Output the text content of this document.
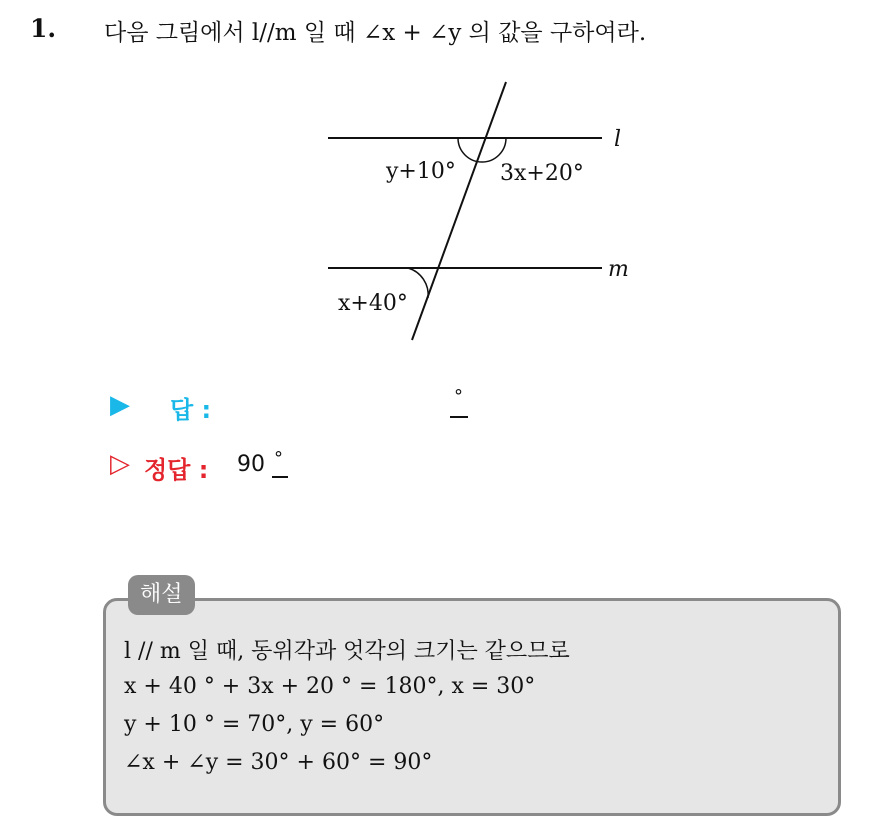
1. 다음 그림에서 l//m 일 때 ∠x + ∠y 의 값을 구하여라.
l
m
y+10° 3x+20°
x+40°
▶ 답 :	°
▷ 정답 : 90 °
해설
l // m 일 때, 동위각과 엇각의 크기는 같으므로
x + 40 ° + 3x + 20 ° = 180°, x = 30°
y + 10 ° = 70°, y = 60°
∠x + ∠y = 30° + 60° = 90°
